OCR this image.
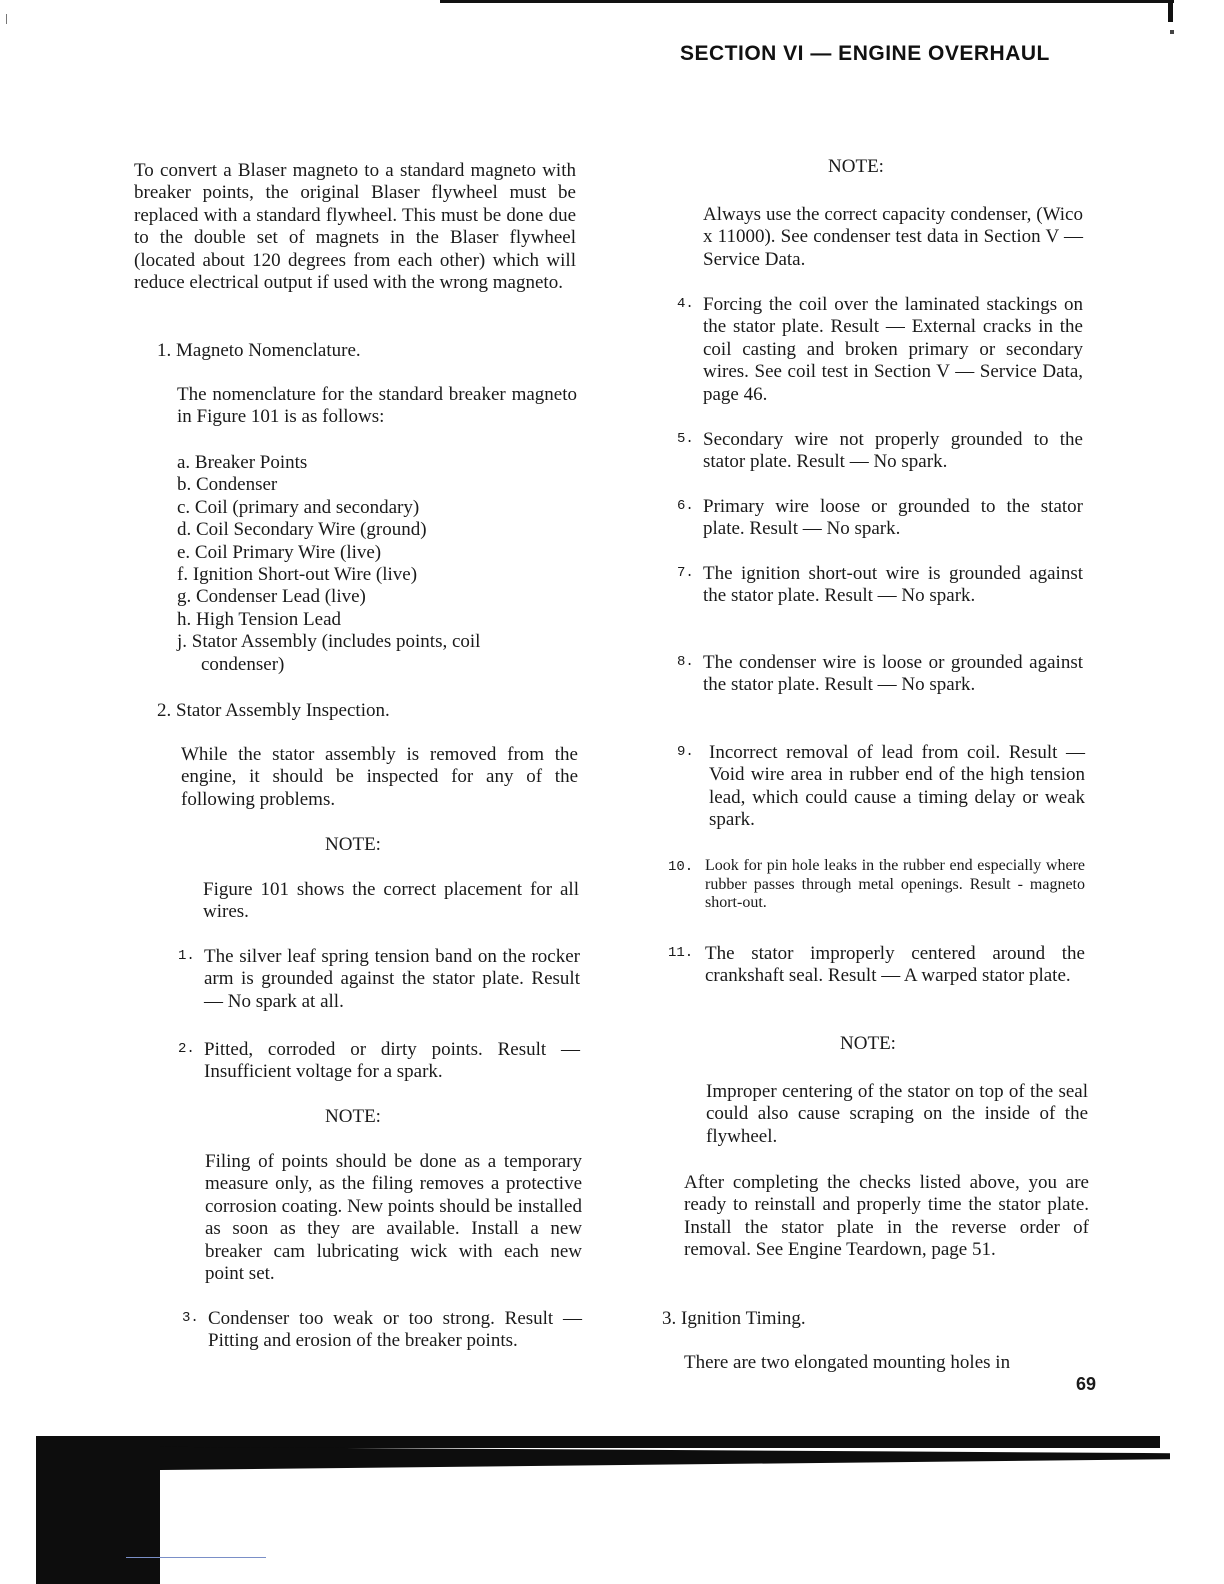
SECTION VI — ENGINE OVERHAUL

To convert a Blaser magneto to a standard magneto with breaker points, the original Blaser flywheel must be replaced with a standard flywheel. This must be done due to the double set of magnets in the Blaser flywheel (located about 120 degrees from each other) which will reduce electrical output if used with the wrong magneto.

1. Magneto Nomenclature.

The nomenclature for the standard breaker magneto in Figure 101 is as follows:

a. Breaker Points

b. Condenser

c. Coil (primary and secondary)

d. Coil Secondary Wire (ground)

e. Coil Primary Wire (live)

f. Ignition Short-out Wire (live)

g. Condenser Lead (live)

h. High Tension Lead

j. Stator Assembly (includes points, coil

condenser)

2. Stator Assembly Inspection.

While the stator assembly is removed from the engine, it should be inspected for any of the following problems.

NOTE:

Figure 101 shows the correct placement for all wires.

1. The silver leaf spring tension band on the rocker arm is grounded against the stator plate. Result — No spark at all.

2. Pitted, corroded or dirty points. Result — Insufficient voltage for a spark.

NOTE:

Filing of points should be done as a temporary measure only, as the filing removes a protective corrosion coating. New points should be installed as soon as they are available. Install a new breaker cam lubricating wick with each new point set.

3. Condenser too weak or too strong. Result — Pitting and erosion of the breaker points.

NOTE:

Always use the correct capacity condenser, (Wico x 11000). See condenser test data in Section V — Service Data.

4. Forcing the coil over the laminated stackings on the stator plate. Result — External cracks in the coil casting and broken primary or secondary wires. See coil test in Section V — Service Data, page 46.

5. Secondary wire not properly grounded to the stator plate. Result — No spark.

6. Primary wire loose or grounded to the stator plate. Result — No spark.

7. The ignition short-out wire is grounded against the stator plate. Result — No spark.

8. The condenser wire is loose or grounded against the stator plate. Result — No spark.

9. Incorrect removal of lead from coil. Result — Void wire area in rubber end of the high tension lead, which could cause a timing delay or weak spark.

10. Look for pin hole leaks in the rubber end especially where rubber passes through metal openings. Result - magneto short-out.

11. The stator improperly centered around the crankshaft seal. Result — A warped stator plate.

NOTE:

Improper centering of the stator on top of the seal could also cause scraping on the inside of the flywheel.

After completing the checks listed above, you are ready to reinstall and properly time the stator plate. Install the stator plate in the reverse order of removal. See Engine Teardown, page 51.

3. Ignition Timing.

There are two elongated mounting holes in

69
